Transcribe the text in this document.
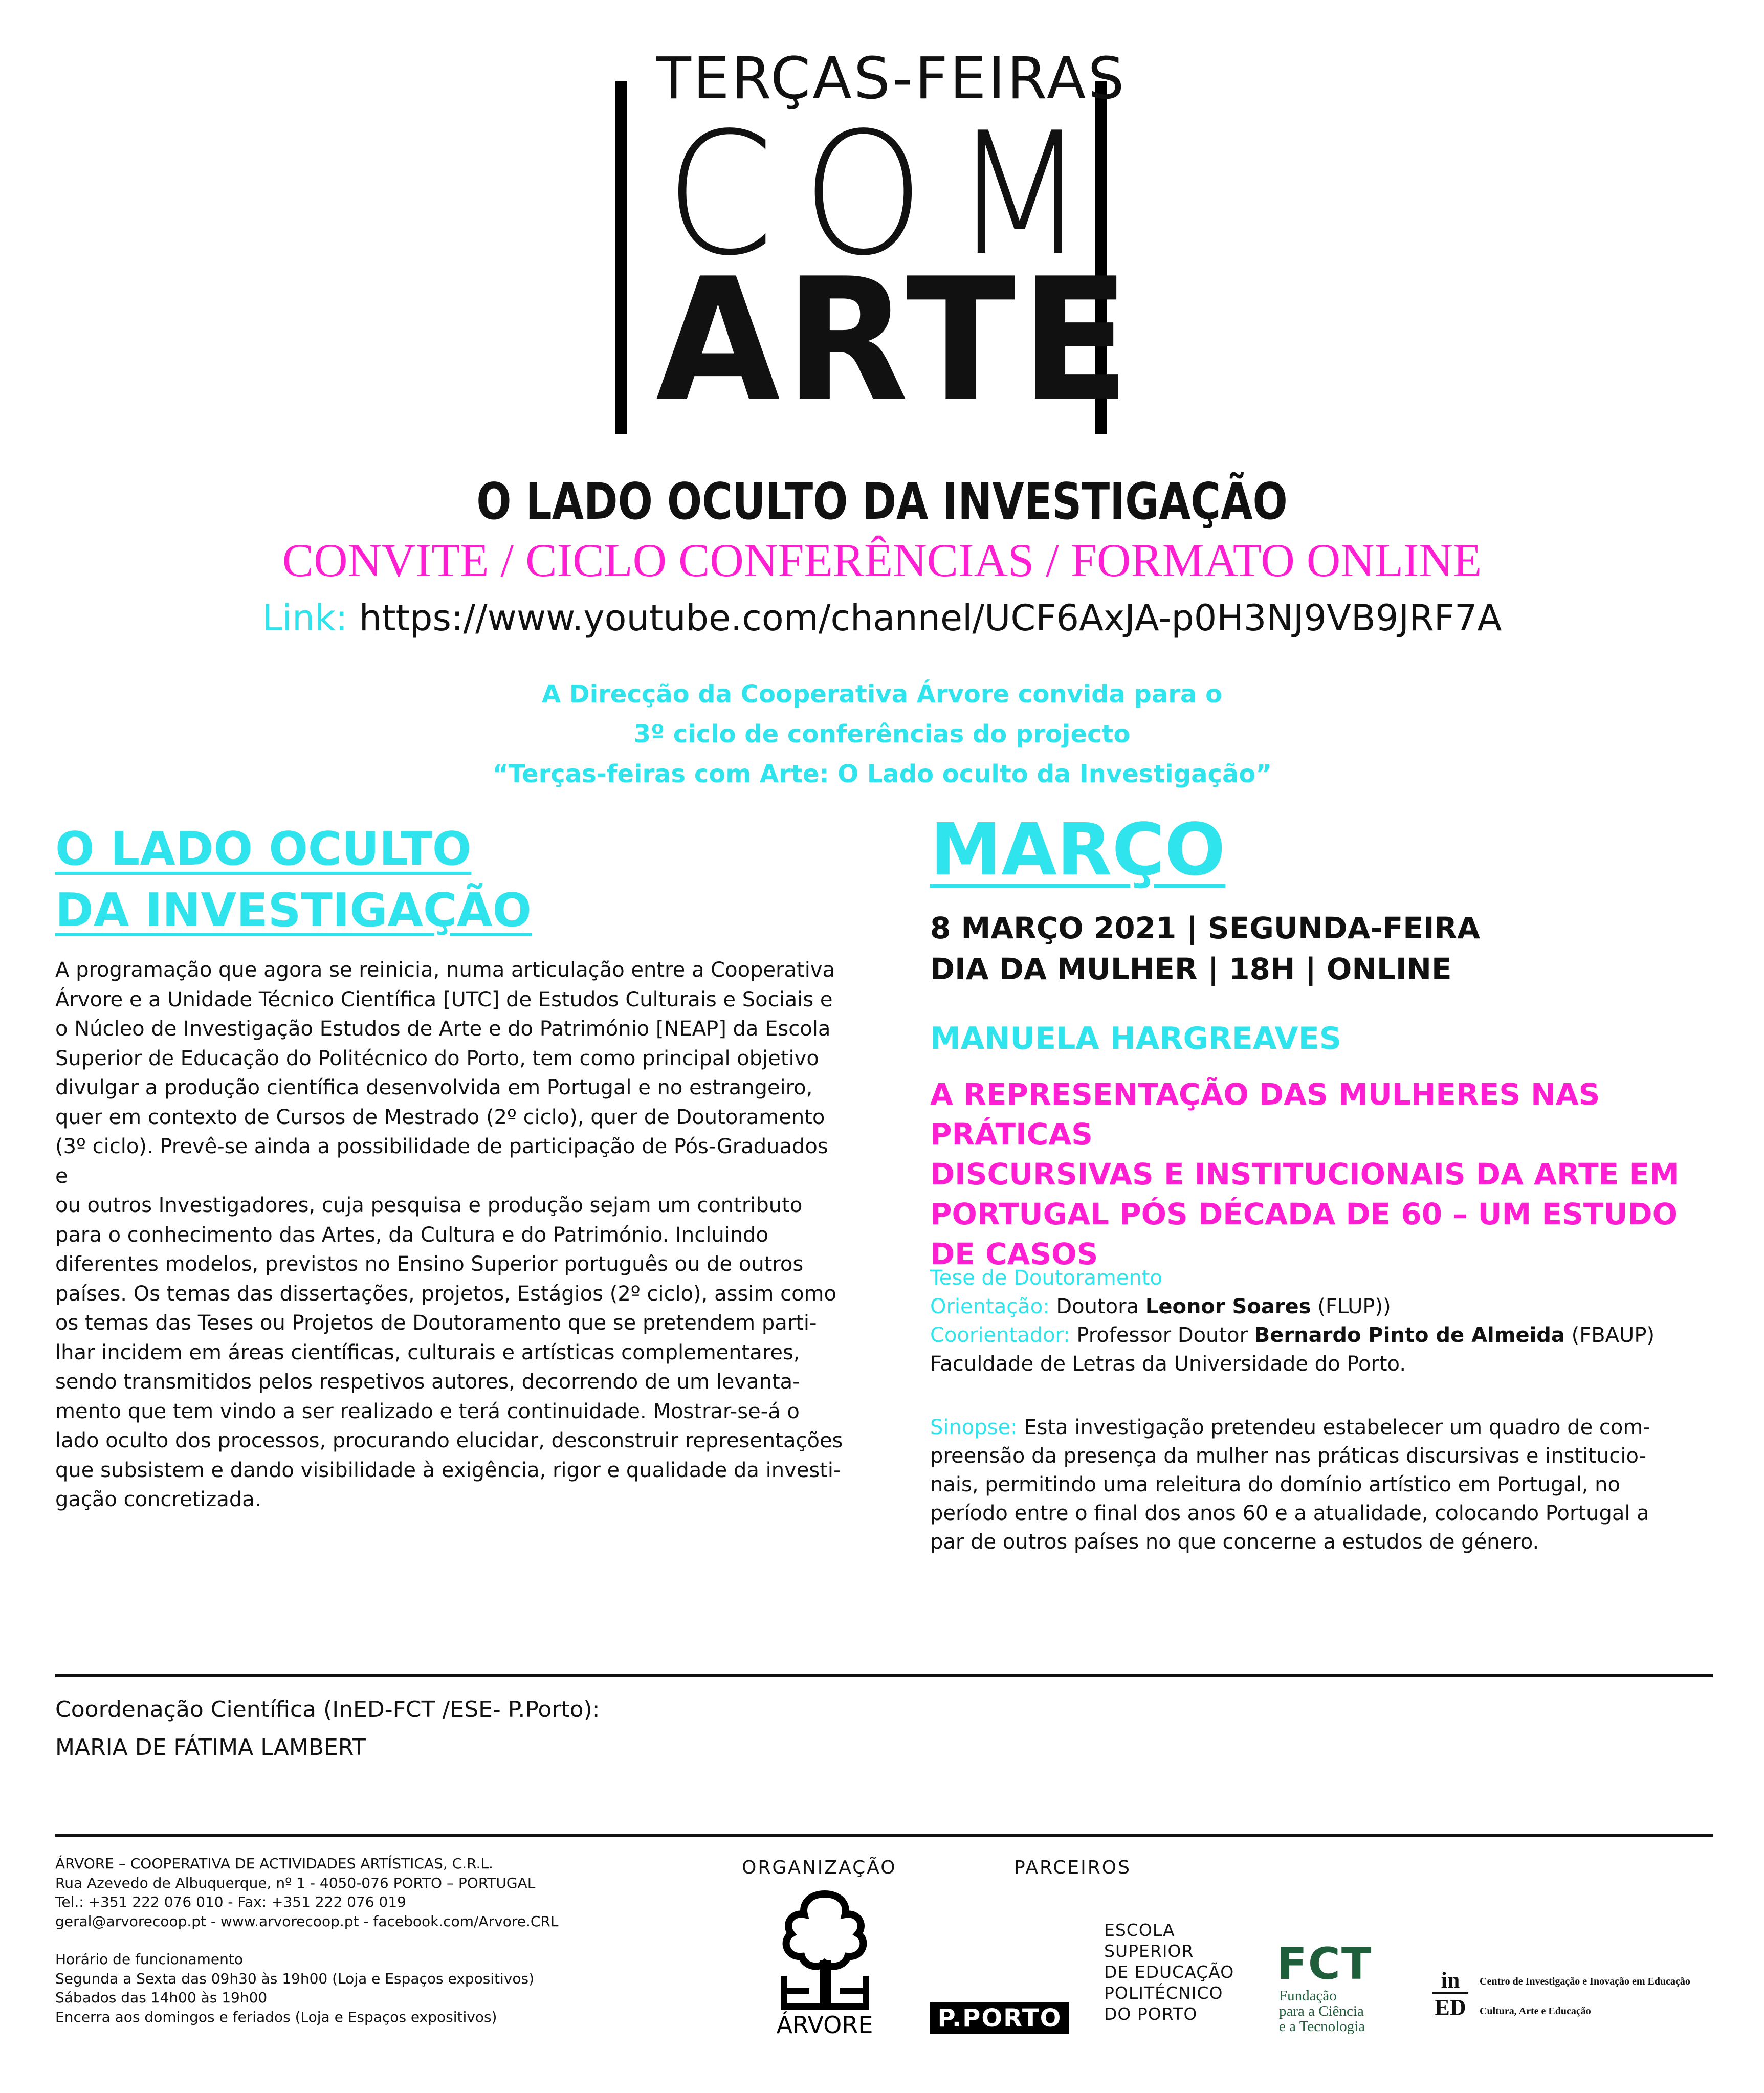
TERÇAS-FEIRAS
COM
ARTE
O LADO OCULTO DA INVESTIGAÇÃO
CONVITE / CICLO CONFERÊNCIAS / FORMATO ONLINE
Link: https://www.youtube.com/channel/UCF6AxJA-p0H3NJ9VB9JRF7A
A Direcção da Cooperativa Árvore convida para o
3º ciclo de conferências do projecto
“Terças-feiras com Arte: O Lado oculto da Investigação”
O LADO OCULTO
DA INVESTIGAÇÃO
A programação que agora se reinicia, numa articulação entre a Cooperativa
Árvore e a Unidade Técnico Científica [UTC] de Estudos Culturais e Sociais e
o Núcleo de Investigação Estudos de Arte e do Património [NEAP] da Escola
Superior de Educação do Politécnico do Porto, tem como principal objetivo
divulgar a produção científica desenvolvida em Portugal e no estrangeiro,
quer em contexto de Cursos de Mestrado (2º ciclo), quer de Doutoramento
(3º ciclo). Prevê-se ainda a possibilidade de participação de Pós-Graduados e
ou outros Investigadores, cuja pesquisa e produção sejam um contributo
para o conhecimento das Artes, da Cultura e do Património. Incluindo
diferentes modelos, previstos no Ensino Superior português ou de outros
países. Os temas das dissertações, projetos, Estágios (2º ciclo), assim como
os temas das Teses ou Projetos de Doutoramento que se pretendem parti-
lhar incidem em áreas científicas, culturais e artísticas complementares,
sendo transmitidos pelos respetivos autores, decorrendo de um levanta-
mento que tem vindo a ser realizado e terá continuidade. Mostrar-se-á o
lado oculto dos processos, procurando elucidar, desconstruir representações
que subsistem e dando visibilidade à exigência, rigor e qualidade da investi-
gação concretizada.
MARÇO
8 MARÇO 2021 | SEGUNDA-FEIRA
DIA DA MULHER | 18H | ONLINE
MANUELA HARGREAVES
A REPRESENTAÇÃO DAS MULHERES NAS PRÁTICAS
DISCURSIVAS E INSTITUCIONAIS DA ARTE EM
PORTUGAL PÓS DÉCADA DE 60 – UM ESTUDO
DE CASOS
Tese de Doutoramento
Orientação: Doutora Leonor Soares (FLUP))
Coorientador: Professor Doutor Bernardo Pinto de Almeida (FBAUP)
Faculdade de Letras da Universidade do Porto.
Sinopse: Esta investigação pretendeu estabelecer um quadro de com-
preensão da presença da mulher nas práticas discursivas e institucio-
nais, permitindo uma releitura do domínio artístico em Portugal, no
período entre o final dos anos 60 e a atualidade, colocando Portugal a
par de outros países no que concerne a estudos de género.
Coordenação Científica (InED-FCT /ESE- P.Porto):
MARIA DE FÁTIMA LAMBERT
ÁRVORE – COOPERATIVA DE ACTIVIDADES ARTÍSTICAS, C.R.L.
Rua Azevedo de Albuquerque, nº 1 - 4050-076 PORTO – PORTUGAL
Tel.: +351 222 076 010 - Fax: +351 222 076 019
geral@arvorecoop.pt - www.arvorecoop.pt - facebook.com/Arvore.CRL
Horário de funcionamento
Segunda a Sexta das 09h30 às 19h00 (Loja e Espaços expositivos)
Sábados das 14h00 às 19h00
Encerra aos domingos e feriados (Loja e Espaços expositivos)
ORGANIZAÇÃO	PARCEIROS
ÁRVORE	P.PORTO
ESCOLA
SUPERIOR
DE EDUCAÇÃO
POLITÉCNICO
DO PORTO
FCT
Fundação
para a Ciência
e a Tecnologia
in
ED
Centro de Investigação e Inovação em Educação
Cultura, Arte e Educação
